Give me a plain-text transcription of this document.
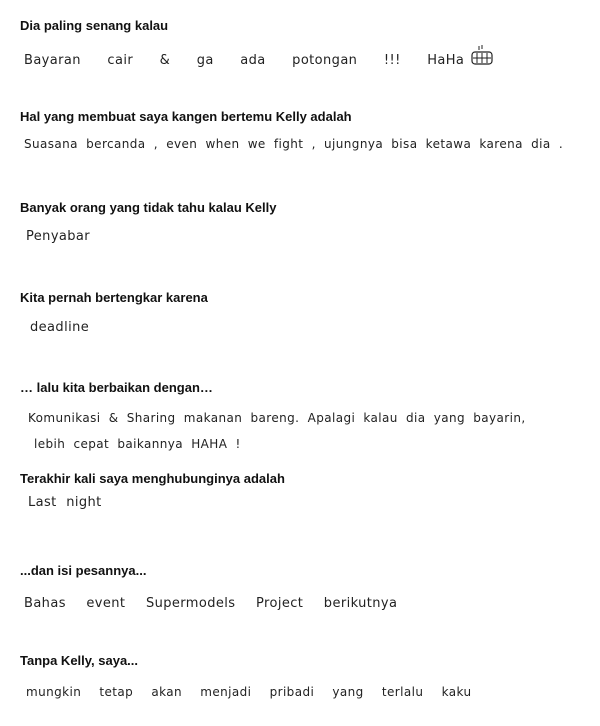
Dia paling senang kalau
Bayaran cair & ga ada potongan !!! HaHa
Hal yang membuat saya kangen bertemu Kelly adalah
Suasana bercanda , even when we fight , ujungnya bisa ketawa karena dia .
Banyak orang yang tidak tahu kalau Kelly
Penyabar
Kita pernah bertengkar karena
deadline
… lalu kita berbaikan dengan…
Komunikasi & Sharing makanan bareng. Apalagi kalau dia yang bayarin,
lebih cepat baikannya HAHA !
Terakhir kali saya menghubunginya adalah
Last night
...dan isi pesannya...
Bahas event Supermodels Project berikutnya
Tanpa Kelly, saya...
mungkin tetap akan menjadi pribadi yang terlalu kaku
